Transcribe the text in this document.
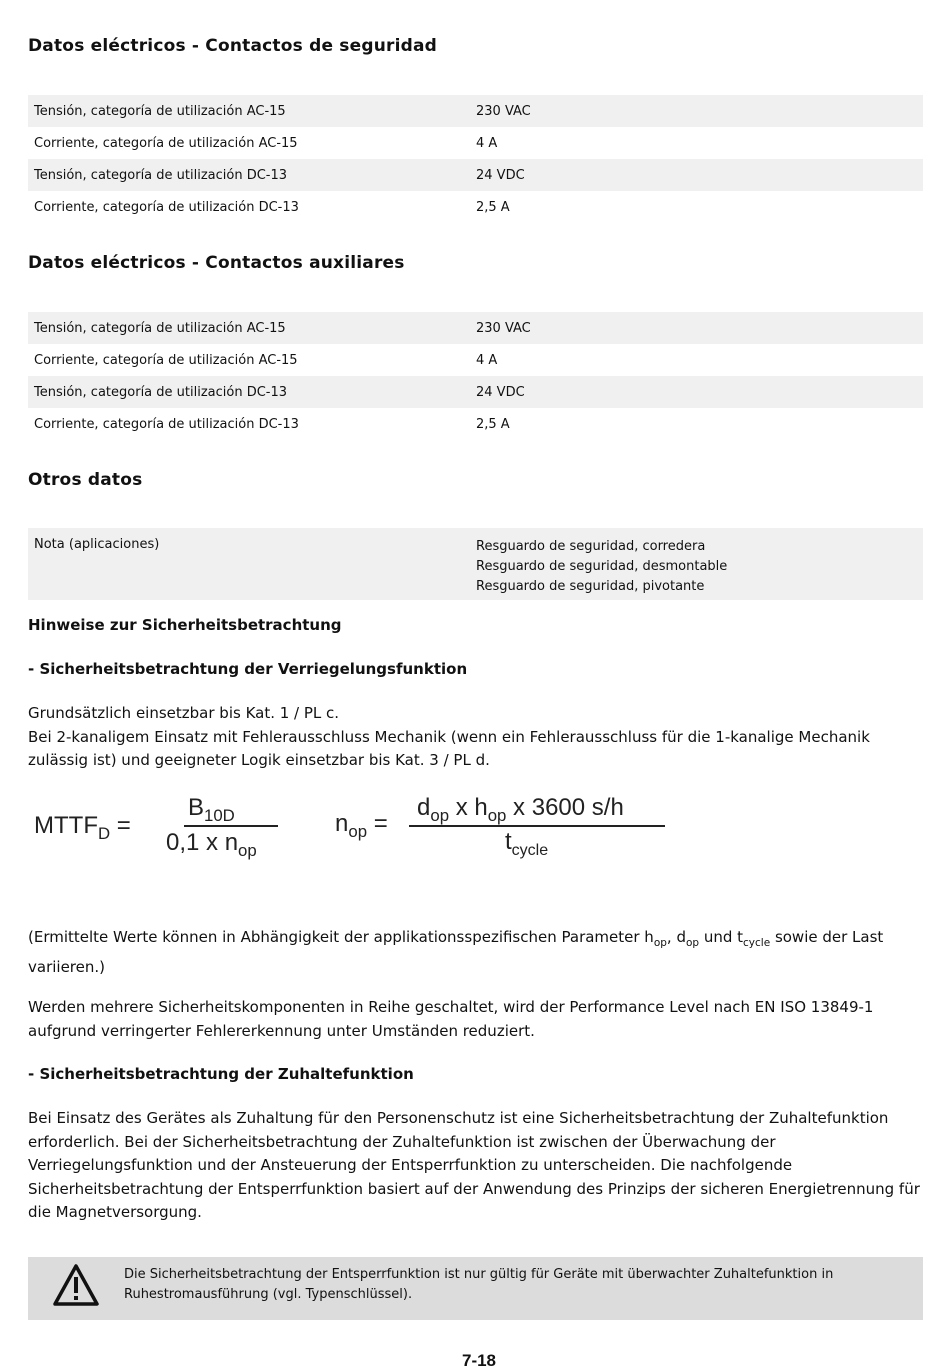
Datos eléctricos - Contactos de seguridad
Tensión, categoría de utilización AC-15	230 VAC
Corriente, categoría de utilización AC-15	4 A
Tensión, categoría de utilización DC-13	24 VDC
Corriente, categoría de utilización DC-13	2,5 A
Datos eléctricos - Contactos auxiliares
Tensión, categoría de utilización AC-15	230 VAC
Corriente, categoría de utilización AC-15	4 A
Tensión, categoría de utilización DC-13	24 VDC
Corriente, categoría de utilización DC-13	2,5 A
Otros datos
Nota (aplicaciones)	Resguardo de seguridad, corredera
Resguardo de seguridad, desmontable
Resguardo de seguridad, pivotante
Hinweise zur Sicherheitsbetrachtung
- Sicherheitsbetrachtung der Verriegelungsfunktion
Grundsätzlich einsetzbar bis Kat. 1 / PL c.
Bei 2-kanaligem Einsatz mit Fehlerausschluss Mechanik (wenn ein Fehlerausschluss für die 1-kanalige Mechanik zulässig ist) und geeigneter Logik einsetzbar bis Kat. 3 / PL d.
$MTTF_D$ =
$B_{10D}$
0,1 x $n_{op}$
$n_{op}$ =
$d_{op}$ x $h_{op}$ x 3600 s/h
$t_{cycle}$
(Ermittelte Werte können in Abhängigkeit der applikationsspezifischen Parameter $h_{op}$, $d_{op}$ und $t_{cycle}$ sowie der Last variieren.)
Werden mehrere Sicherheitskomponenten in Reihe geschaltet, wird der Performance Level nach EN ISO 13849-1 aufgrund verringerter Fehlererkennung unter Umständen reduziert.
- Sicherheitsbetrachtung der Zuhaltefunktion
Bei Einsatz des Gerätes als Zuhaltung für den Personenschutz ist eine Sicherheitsbetrachtung der Zuhaltefunktion erforderlich. Bei der Sicherheitsbetrachtung der Zuhaltefunktion ist zwischen der Überwachung der Verriegelungsfunktion und der Ansteuerung der Entsperrfunktion zu unterscheiden. Die nachfolgende Sicherheitsbetrachtung der Entsperrfunktion basiert auf der Anwendung des Prinzips der sicheren Energietrennung für die Magnetversorgung.
Die Sicherheitsbetrachtung der Entsperrfunktion ist nur gültig für Geräte mit überwachter Zuhaltefunktion in Ruhestromausführung (vgl. Typenschlüssel).
7-18
